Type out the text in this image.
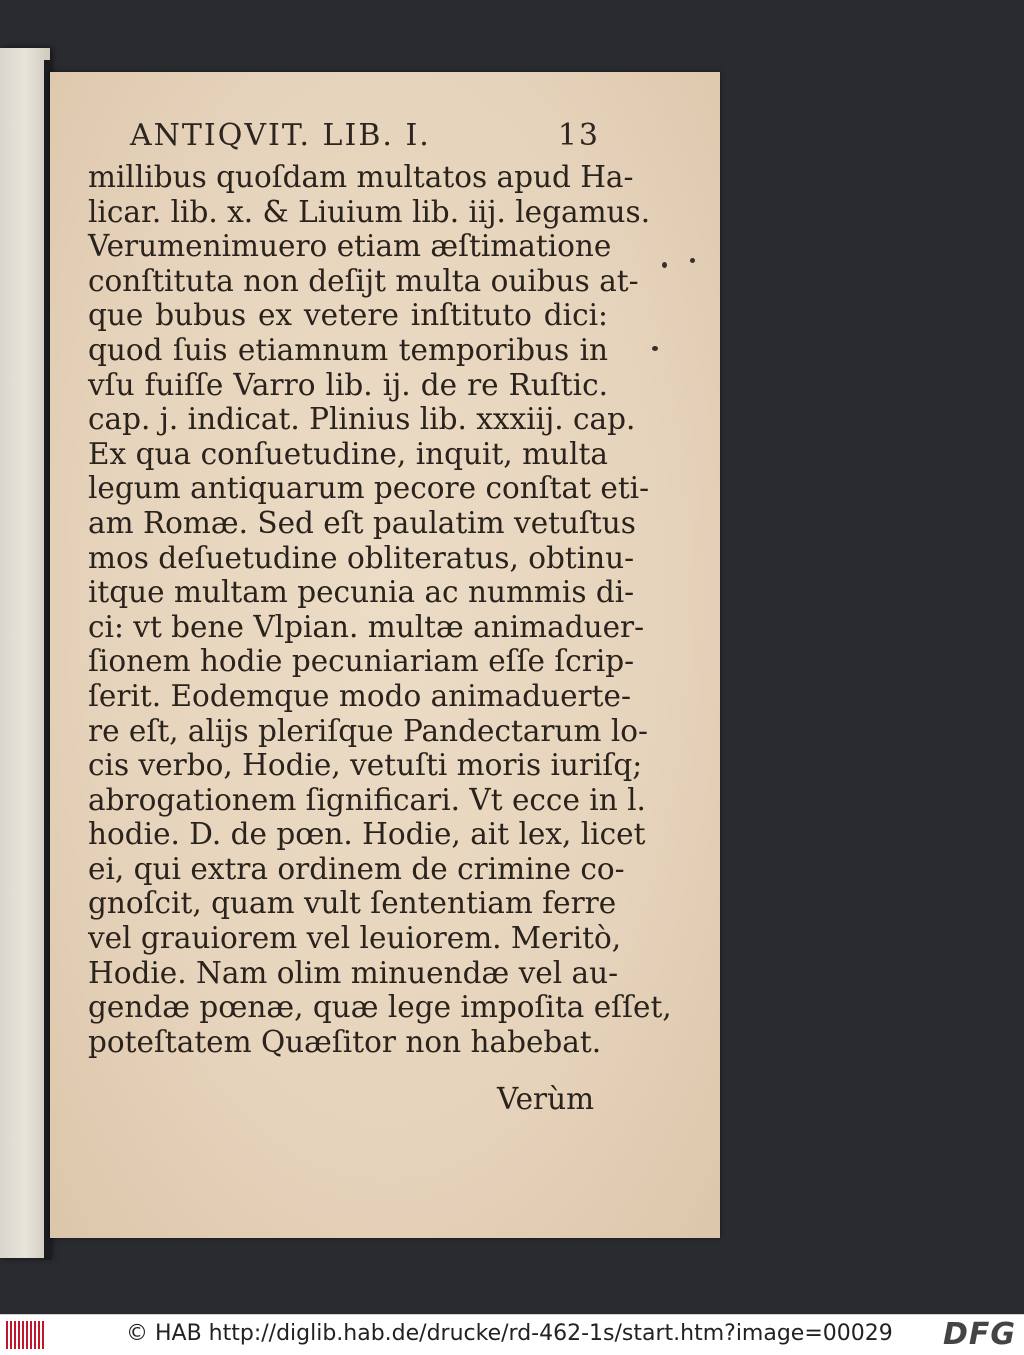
ANTIQVIT. LIB. I.	13
millibus quoſdam multatos apud Ha-
licar. lib. x. & Liuium lib. iij. legamus.
Verumenimuero etiam æſtimatione
conſtituta non deſijt multa ouibus at-
que bubus ex vetere inſtituto dici:
quod ſuis etiamnum temporibus in
vſu fuiſſe Varro lib. ij. de re Ruſtic.
cap. j. indicat. Plinius lib. xxxiij. cap.
Ex qua conſuetudine, inquit, multa
legum antiquarum pecore conſtat eti-
am Romæ. Sed eſt paulatim vetuſtus
mos deſuetudine obliteratus, obtinu-
itque multam pecunia ac nummis di-
ci: vt bene Vlpian. multæ animaduer-
ſionem hodie pecuniariam eſſe ſcrip-
ſerit. Eodemque modo animaduerte-
re eſt, alijs pleriſque Pandectarum lo-
cis verbo, Hodie, vetuſti moris iuriſq;
abrogationem ſignificari. Vt ecce in l.
hodie. D. de pœn. Hodie, ait lex, licet
ei, qui extra ordinem de crimine co-
gnoſcit, quam vult ſententiam ferre
vel grauiorem vel leuiorem. Meritò,
Hodie. Nam olim minuendæ vel au-
gendæ pœnæ, quæ lege impoſita eſſet,
poteſtatem Quæſitor non habebat.
Verùm
© HAB http://diglib.hab.de/drucke/rd-462-1s/start.htm?image=00029 DFG
